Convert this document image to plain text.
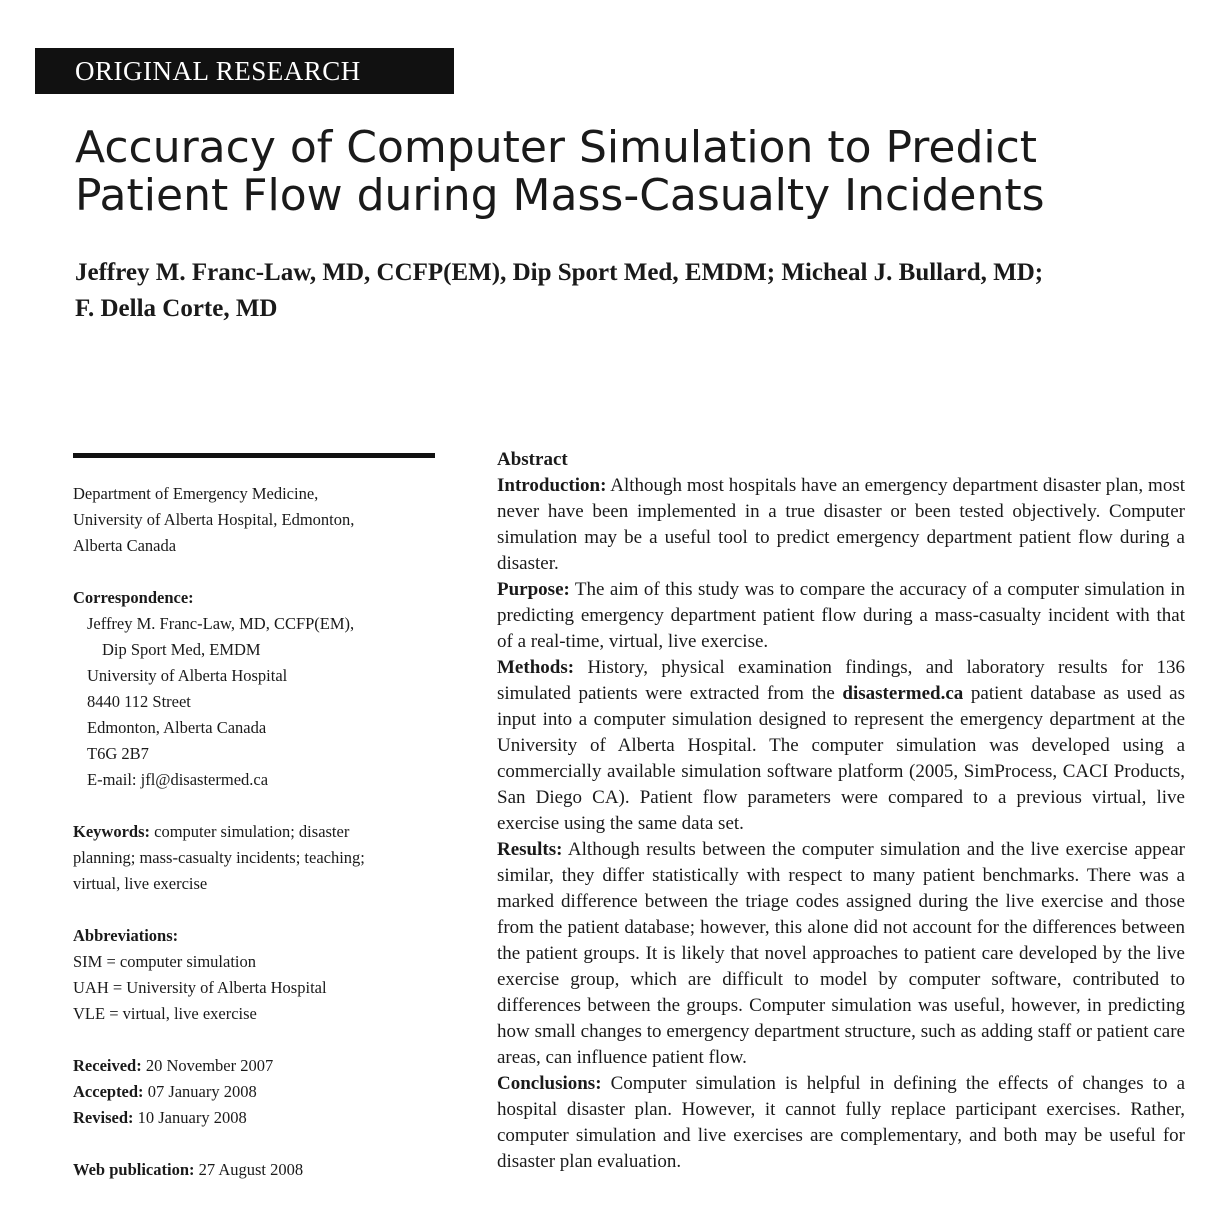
ORIGINAL RESEARCH
Accuracy of Computer Simulation to Predict
Patient Flow during Mass-Casualty Incidents
Jeffrey M. Franc-Law, MD, CCFP(EM), Dip Sport Med, EMDM; Micheal J. Bullard, MD;
F. Della Corte, MD

Department of Emergency Medicine,

University of Alberta Hospital, Edmonton,

Alberta Canada

Correspondence:

Jeffrey M. Franc-Law, MD, CCFP(EM),

Dip Sport Med, EMDM

University of Alberta Hospital

8440 112 Street

Edmonton, Alberta Canada

T6G 2B7

E-mail: jfl@disastermed.ca

Keywords: computer simulation; disaster

planning; mass-casualty incidents; teaching;

virtual, live exercise

Abbreviations:

SIM = computer simulation

UAH = University of Alberta Hospital

VLE = virtual, live exercise

Received: 20 November 2007

Accepted: 07 January 2008

Revised: 10 January 2008

Web publication: 27 August 2008

Abstract

Introduction: Although most hospitals have an emergency department disaster plan, most never have been implemented in a true disaster or been tested objectively. Computer simulation may be a useful tool to predict emergency department patient flow during a disaster.

Purpose: The aim of this study was to compare the accuracy of a computer simulation in predicting emergency department patient flow during a mass-casualty incident with that of a real-time, virtual, live exercise.

Methods: History, physical examination findings, and laboratory results for 136 simulated patients were extracted from the disastermed.ca patient database as used as input into a computer simulation designed to represent the emergency department at the University of Alberta Hospital. The computer simulation was developed using a commercially available simulation software platform (2005, SimProcess, CACI Products, San Diego CA). Patient flow parameters were compared to a previous virtual, live exercise using the same data set.

Results: Although results between the computer simulation and the live exercise appear similar, they differ statistically with respect to many patient benchmarks. There was a marked difference between the triage codes assigned during the live exercise and those from the patient database; however, this alone did not account for the differences between the patient groups. It is likely that novel approaches to patient care developed by the live exercise group, which are difficult to model by computer software, contributed to differences between the groups. Computer simulation was useful, however, in predicting how small changes to emergency department structure, such as adding staff or patient care areas, can influence patient flow.

Conclusions: Computer simulation is helpful in defining the effects of changes to a hospital disaster plan. However, it cannot fully replace participant exercises. Rather, computer simulation and live exercises are complementary, and both may be useful for disaster plan evaluation.
